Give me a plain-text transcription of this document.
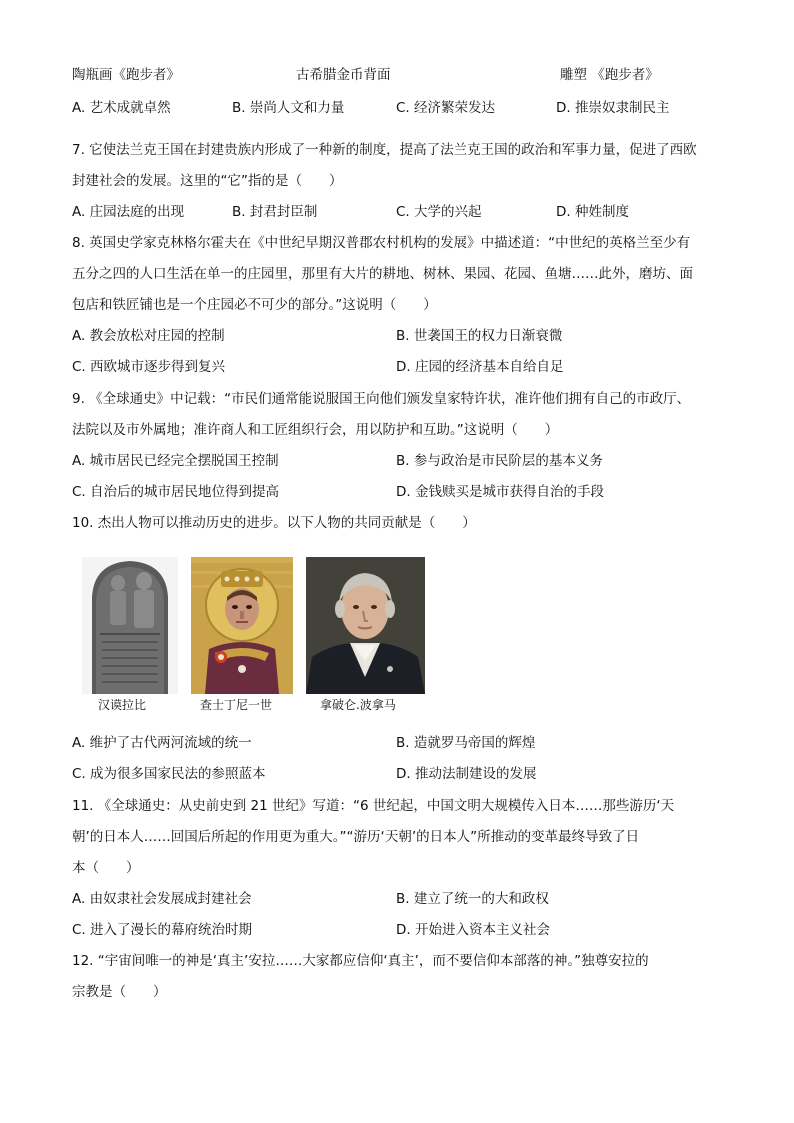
陶瓶画《跑步者》	古希腊金币背面	雕塑 《跑步者》
A. 艺术成就卓然	B. 崇尚人文和力量	C. 经济繁荣发达	D. 推崇奴隶制民主
7. 它使法兰克王国在封建贵族内形成了一种新的制度，提高了法兰克王国的政治和军事力量，促进了西欧
封建社会的发展。这里的“它”指的是（　　）
A. 庄园法庭的出现	B. 封君封臣制	C. 大学的兴起	D. 种姓制度
8. 英国史学家克林格尔霍夫在《中世纪早期汉普郡农村机构的发展》中描述道：“中世纪的英格兰至少有
五分之四的人口生活在单一的庄园里，那里有大片的耕地、树林、果园、花园、鱼塘……此外，磨坊、面
包店和铁匠铺也是一个庄园必不可少的部分。”这说明（　　）
A. 教会放松对庄园的控制	B. 世袭国王的权力日渐衰微
C. 西欧城市逐步得到复兴	D. 庄园的经济基本自给自足
9. 《全球通史》中记载：“市民们通常能说服国王向他们颁发皇家特许状，准许他们拥有自己的市政厅、
法院以及市外属地；准许商人和工匠组织行会，用以防护和互助。”这说明（　　）
A. 城市居民已经完全摆脱国王控制	B. 参与政治是市民阶层的基本义务
C. 自治后的城市居民地位得到提高	D. 金钱赎买是城市获得自治的手段
10. 杰出人物可以推动历史的进步。以下人物的共同贡献是（　　）
汉谟拉比	查士丁尼一世	拿破仑.波拿马
A. 维护了古代两河流域的统一	B. 造就罗马帝国的辉煌
C. 成为很多国家民法的参照蓝本	D. 推动法制建设的发展
11. 《全球通史：从史前史到 21 世纪》写道：“6 世纪起，中国文明大规模传入日本……那些游历‘天
朝’的日本人……回国后所起的作用更为重大。”“游历‘天朝’的日本人”所推动的变革最终导致了日
本（　　）
A. 由奴隶社会发展成封建社会	B. 建立了统一的大和政权
C. 进入了漫长的幕府统治时期	D. 开始进入资本主义社会
12. “宇宙间唯一的神是‘真主’安拉……大家都应信仰‘真主’，而不要信仰本部落的神。”独尊安拉的
宗教是（　　）
